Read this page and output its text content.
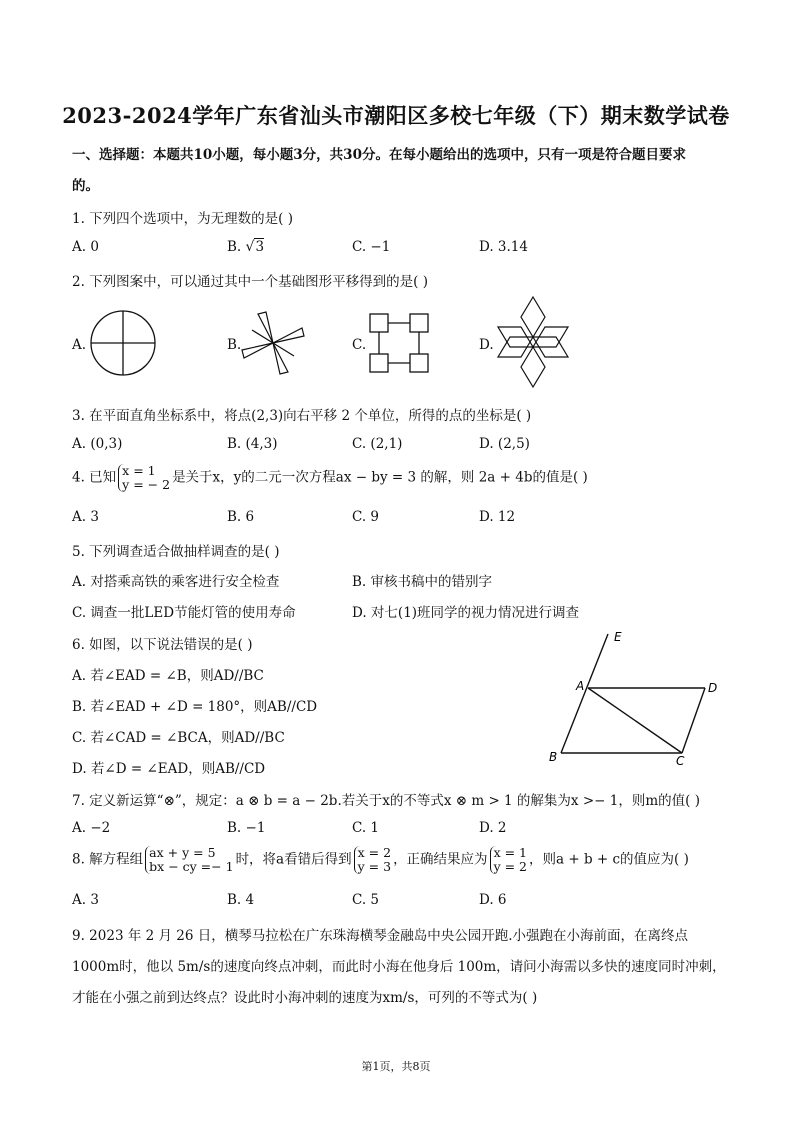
2023-2024学年广东省汕头市潮阳区多校七年级（下）期末数学试卷
一、选择题：本题共10小题，每小题3分，共30分。在每小题给出的选项中，只有一项是符合题目要求
的。
1. 下列四个选项中，为无理数的是( )
A. 0	B. √3	C. −1	D. 3.14
2. 下列图案中，可以通过其中一个基础图形平移得到的是( )
A.	B.	C.	D.
3. 在平面直角坐标系中，将点(2,3)向右平移 2 个单位，所得的点的坐标是( )
A. (0,3)	B. (4,3)	C. (2,1)	D. (2,5)
4. 已知 x = 1
y = − 2 是关于x，y的二元一次方程ax − by = 3 的解，则 2a + 4b的值是( )
A. 3	B. 6	C. 9	D. 12
5. 下列调查适合做抽样调查的是( )
A. 对搭乘高铁的乘客进行安全检查	B. 审核书稿中的错别字
C. 调查一批LED节能灯管的使用寿命	D. 对七(1)班同学的视力情况进行调查
6. 如图，以下说法错误的是( )
A. 若∠EAD = ∠B，则AD//BC
B. 若∠EAD + ∠D = 180°，则AB//CD
C. 若∠CAD = ∠BCA，则AD//BC
D. 若∠D = ∠EAD，则AB//CD
E
A	D
B	C
7. 定义新运算“⊗”，规定：a ⊗ b = a − 2b.若关于x的不等式x ⊗ m > 1 的解集为x >− 1，则m的值( )
A. −2	B. −1	C. 1	D. 2
8. 解方程组 ax + y = 5
bx − cy =− 1 时，将a看错后得到 x = 2
y = 3 ，正确结果应为 x = 1
y = 2 ，则a + b + c的值应为( )
A. 3	B. 4	C. 5	D. 6
9. 2023 年 2 月 26 日，横琴马拉松在广东珠海横琴金融岛中央公园开跑.小强跑在小海前面，在离终点
1000m时，他以 5m/s的速度向终点冲刺，而此时小海在他身后 100m，请问小海需以多快的速度同时冲刺，
才能在小强之前到达终点？设此时小海冲刺的速度为xm/s，可列的不等式为( )
第1页，共8页
